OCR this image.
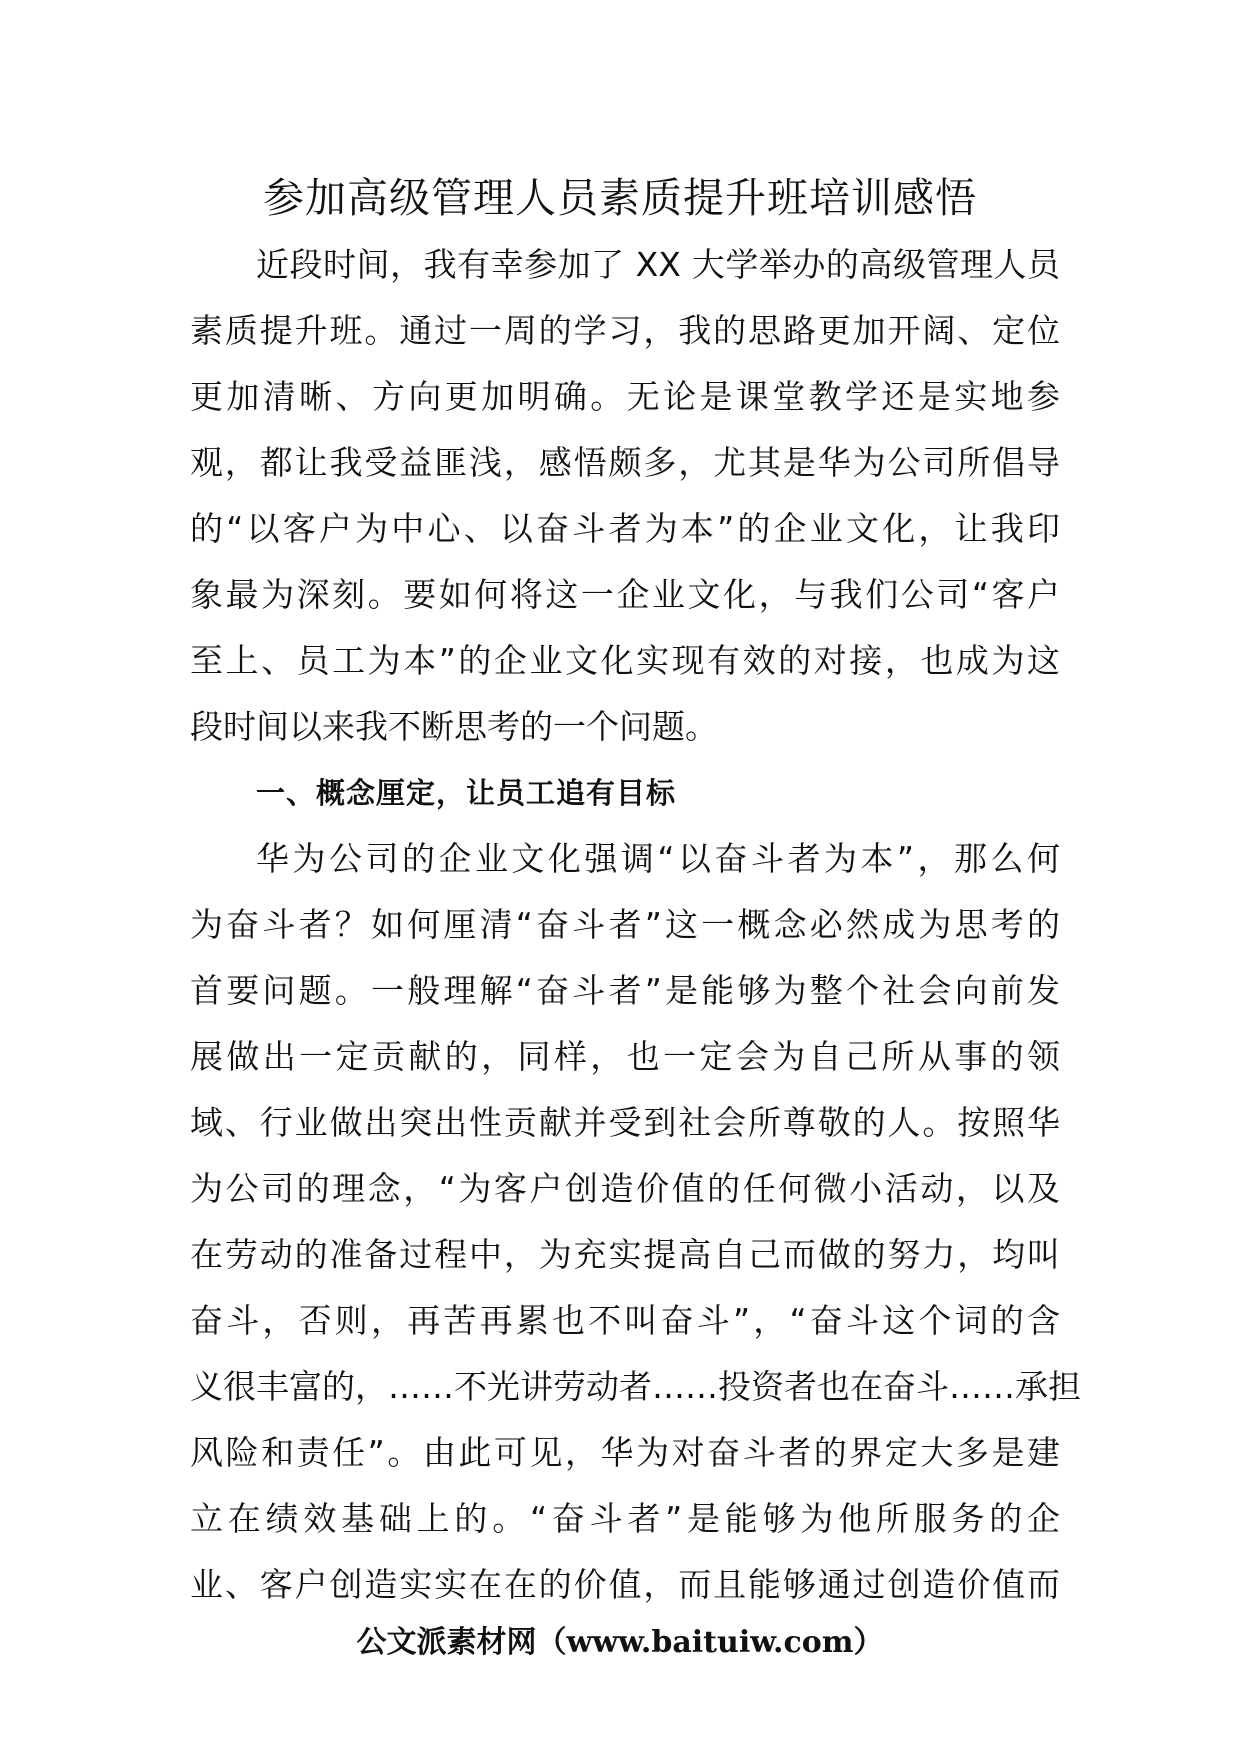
参加高级管理人员素质提升班培训感悟
近段时间，我有幸参加了 XX 大学举办的高级管理人员
素质提升班。通过一周的学习，我的思路更加开阔、定位
更加清晰、方向更加明确。无论是课堂教学还是实地参
观，都让我受益匪浅，感悟颇多，尤其是华为公司所倡导
的“以客户为中心、以奋斗者为本”的企业文化，让我印
象最为深刻。要如何将这一企业文化，与我们公司“客户
至上、员工为本”的企业文化实现有效的对接，也成为这
段时间以来我不断思考的一个问题。
一、概念厘定，让员工追有目标
华为公司的企业文化强调“以奋斗者为本”，那么何
为奋斗者？如何厘清“奋斗者”这一概念必然成为思考的
首要问题。一般理解“奋斗者”是能够为整个社会向前发
展做出一定贡献的，同样，也一定会为自己所从事的领
域、行业做出突出性贡献并受到社会所尊敬的人。按照华
为公司的理念，“为客户创造价值的任何微小活动，以及
在劳动的准备过程中，为充实提高自己而做的努力，均叫
奋斗，否则，再苦再累也不叫奋斗”，“奋斗这个词的含
义很丰富的，……不光讲劳动者……投资者也在奋斗……承担
风险和责任”。由此可见，华为对奋斗者的界定大多是建
立在绩效基础上的。“奋斗者”是能够为他所服务的企
业、客户创造实实在在的价值，而且能够通过创造价值而
公文派素材网（www.baituiw.com）
